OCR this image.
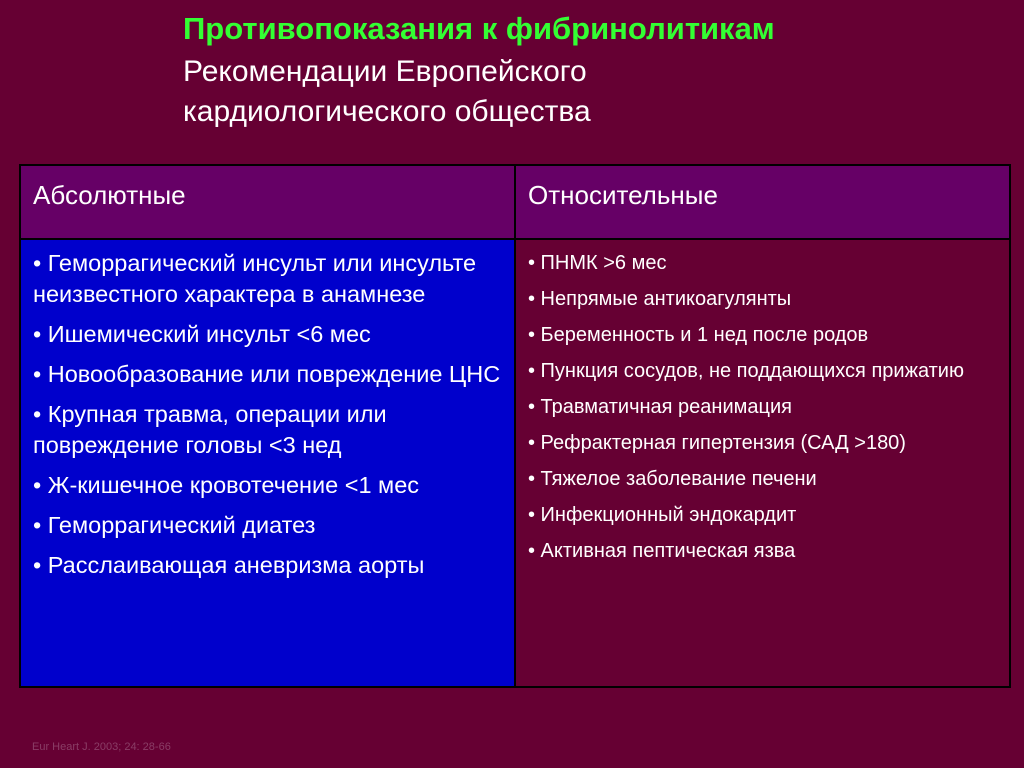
Противопоказания к фибринолитикам
Рекомендации Европейского
кардиологического общества
Абсолютные	Относительные
• Геморрагический инсульт или инсульте неизвестного характера в анамнезе
• Ишемический инсульт <6 мес
• Новообразование или повреждение ЦНС
• Крупная травма, операции или повреждение головы <3 нед
• Ж-кишечное кровотечение <1 мес
• Геморрагический диатез
• Расслаивающая аневризма аорты
• ПНМК >6 мес
• Непрямые антикоагулянты
• Беременность и 1 нед после родов
• Пункция сосудов, не поддающихся прижатию
• Травматичная реанимация
• Рефрактерная гипертензия (САД >180)
• Тяжелое заболевание печени
• Инфекционный эндокардит
• Активная пептическая язва
Eur Heart J. 2003; 24: 28-66
